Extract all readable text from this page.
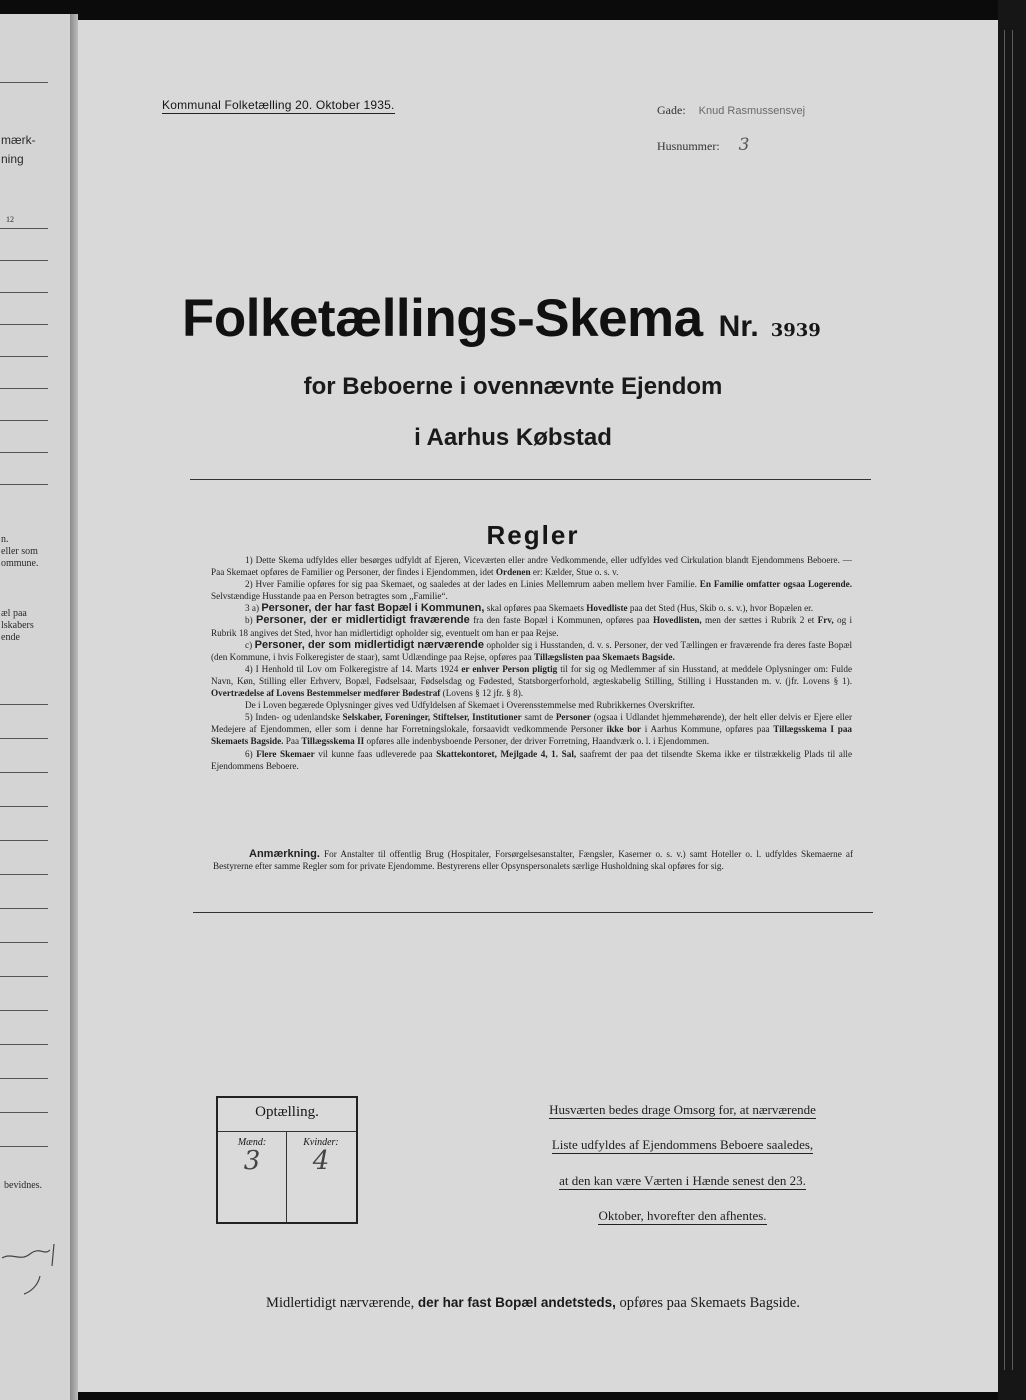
mærk-
ning
12
n.
eller som
ommune.
æl paa
lskabers
ende
bevidnes.
Kommunal Folketælling 20. Oktober 1935.	Gade: Knud Rasmussensvej
Husnummer: 3
Folketællings-Skema Nr. 3939
for Beboerne i ovennævnte Ejendom
i Aarhus Købstad
Regler

1) Dette Skema udfyldes eller besørges udfyldt af Ejeren, Viceværten eller andre Vedkommende, eller udfyldes ved Cirkulation blandt Ejendommens Beboere. — Paa Skemaet opføres de Familier og Personer, der findes i Ejendommen, idet Ordenen er: Kælder, Stue o. s. v.

2) Hver Familie opføres for sig paa Skemaet, og saaledes at der lades en Linies Mellemrum aaben mellem hver Familie. En Familie omfatter ogsaa Logerende. Selvstændige Husstande paa en Person betragtes som „Familie“.

3 a) Personer, der har fast Bopæl i Kommunen, skal opføres paa Skemaets Hovedliste paa det Sted (Hus, Skib o. s. v.), hvor Bopælen er.

b) Personer, der er midlertidigt fraværende fra den faste Bopæl i Kommunen, opføres paa Hovedlisten, men der sættes i Rubrik 2 et Frv, og i Rubrik 18 angives det Sted, hvor han midlertidigt opholder sig, eventuelt om han er paa Rejse.

c) Personer, der som midlertidigt nærværende opholder sig i Husstanden, d. v. s. Personer, der ved Tællingen er fraværende fra deres faste Bopæl (den Kommune, i hvis Folkeregister de staar), samt Udlændinge paa Rejse, opføres paa Tillægslisten paa Skemaets Bagside.

4) I Henhold til Lov om Folkeregistre af 14. Marts 1924 er enhver Person pligtig til for sig og Medlemmer af sin Husstand, at meddele Oplysninger om: Fulde Navn, Køn, Stilling eller Erhverv, Bopæl, Fødselsaar, Fødselsdag og Fødested, Statsborgerforhold, ægteskabelig Stilling, Stilling i Husstanden m. v. (jfr. Lovens § 1). Overtrædelse af Lovens Bestemmelser medfører Bødestraf (Lovens § 12 jfr. § 8).

De i Loven begærede Oplysninger gives ved Udfyldelsen af Skemaet i Overensstemmelse med Rubrikkernes Overskrifter.

5) Inden- og udenlandske Selskaber, Foreninger, Stiftelser, Institutioner samt de Personer (ogsaa i Udlandet hjemmehørende), der helt eller delvis er Ejere eller Medejere af Ejendommen, eller som i denne har Forretningslokale, forsaavidt vedkommende Personer ikke bor i Aarhus Kommune, opføres paa Tillægsskema I paa Skemaets Bagside. Paa Tillægsskema II opføres alle indenbysboende Personer, der driver Forretning, Haandværk o. l. i Ejendommen.

6) Flere Skemaer vil kunne faas udleverede paa Skattekontoret, Mejlgade 4, 1. Sal, saafremt der paa det tilsendte Skema ikke er tilstrækkelig Plads til alle Ejendommens Beboere.

Anmærkning. For Anstalter til offentlig Brug (Hospitaler, Forsørgelsesanstalter, Fængsler, Kaserner o. s. v.) samt Hoteller o. l. udfyldes Skemaerne af Bestyrerne efter samme Regler som for private Ejendomme. Bestyrerens eller Opsynspersonalets særlige Husholdning skal opføres for sig.

Optælling.
Mænd:
3
Kvinder:
4
Husværten bedes drage Omsorg for, at nærværende
Liste udfyldes af Ejendommens Beboere saaledes,
at den kan være Værten i Hænde senest den 23.
Oktober, hvorefter den afhentes.
Midlertidigt nærværende, der har fast Bopæl andetsteds, opføres paa Skemaets Bagside.
